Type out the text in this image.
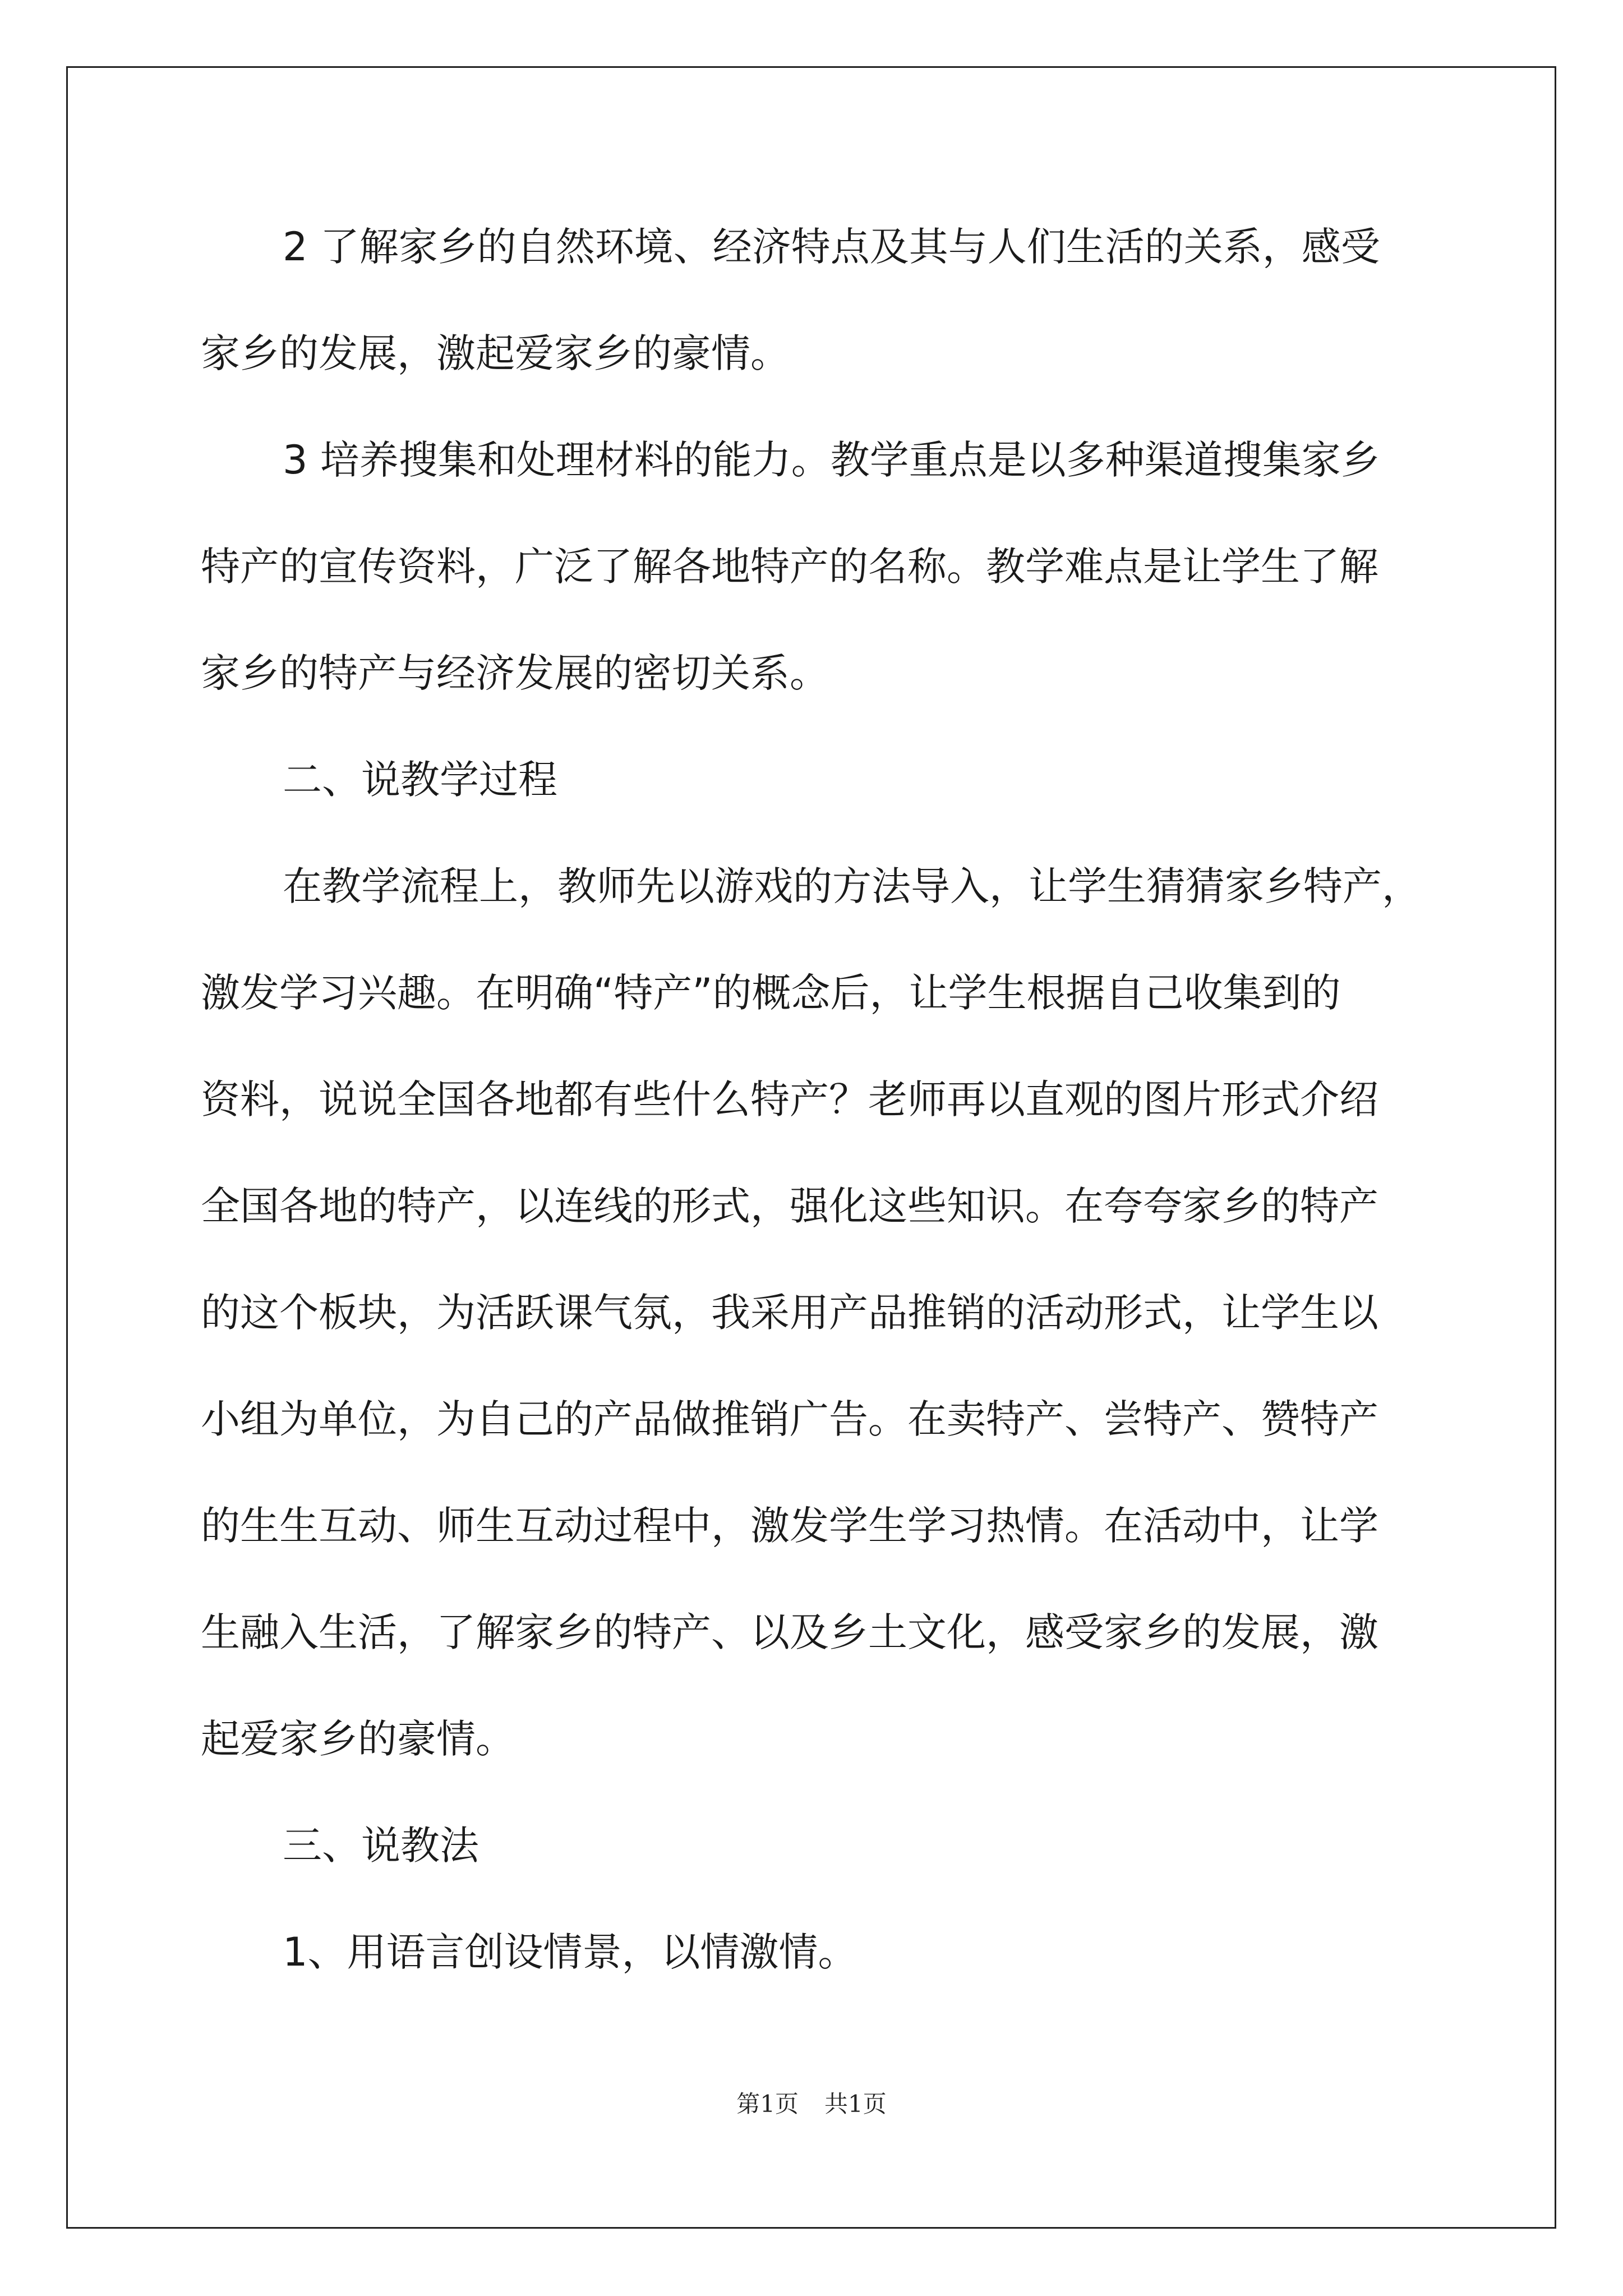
2 了解家乡的自然环境、经济特点及其与人们生活的关系，感受
家乡的发展，激起爱家乡的豪情。
3 培养搜集和处理材料的能力。教学重点是以多种渠道搜集家乡
特产的宣传资料，广泛了解各地特产的名称。教学难点是让学生了解
家乡的特产与经济发展的密切关系。
二、说教学过程
在教学流程上，教师先以游戏的方法导入，让学生猜猜家乡特产，
激发学习兴趣。在明确“特产”的概念后，让学生根据自己收集到的
资料，说说全国各地都有些什么特产？老师再以直观的图片形式介绍
全国各地的特产，以连线的形式，强化这些知识。在夸夸家乡的特产
的这个板块，为活跃课气氛，我采用产品推销的活动形式，让学生以
小组为单位，为自己的产品做推销广告。在卖特产、尝特产、赞特产
的生生互动、师生互动过程中，激发学生学习热情。在活动中，让学
生融入生活，了解家乡的特产、以及乡土文化，感受家乡的发展，激
起爱家乡的豪情。
三、说教法
1、用语言创设情景，以情激情。
第1页 共1页
